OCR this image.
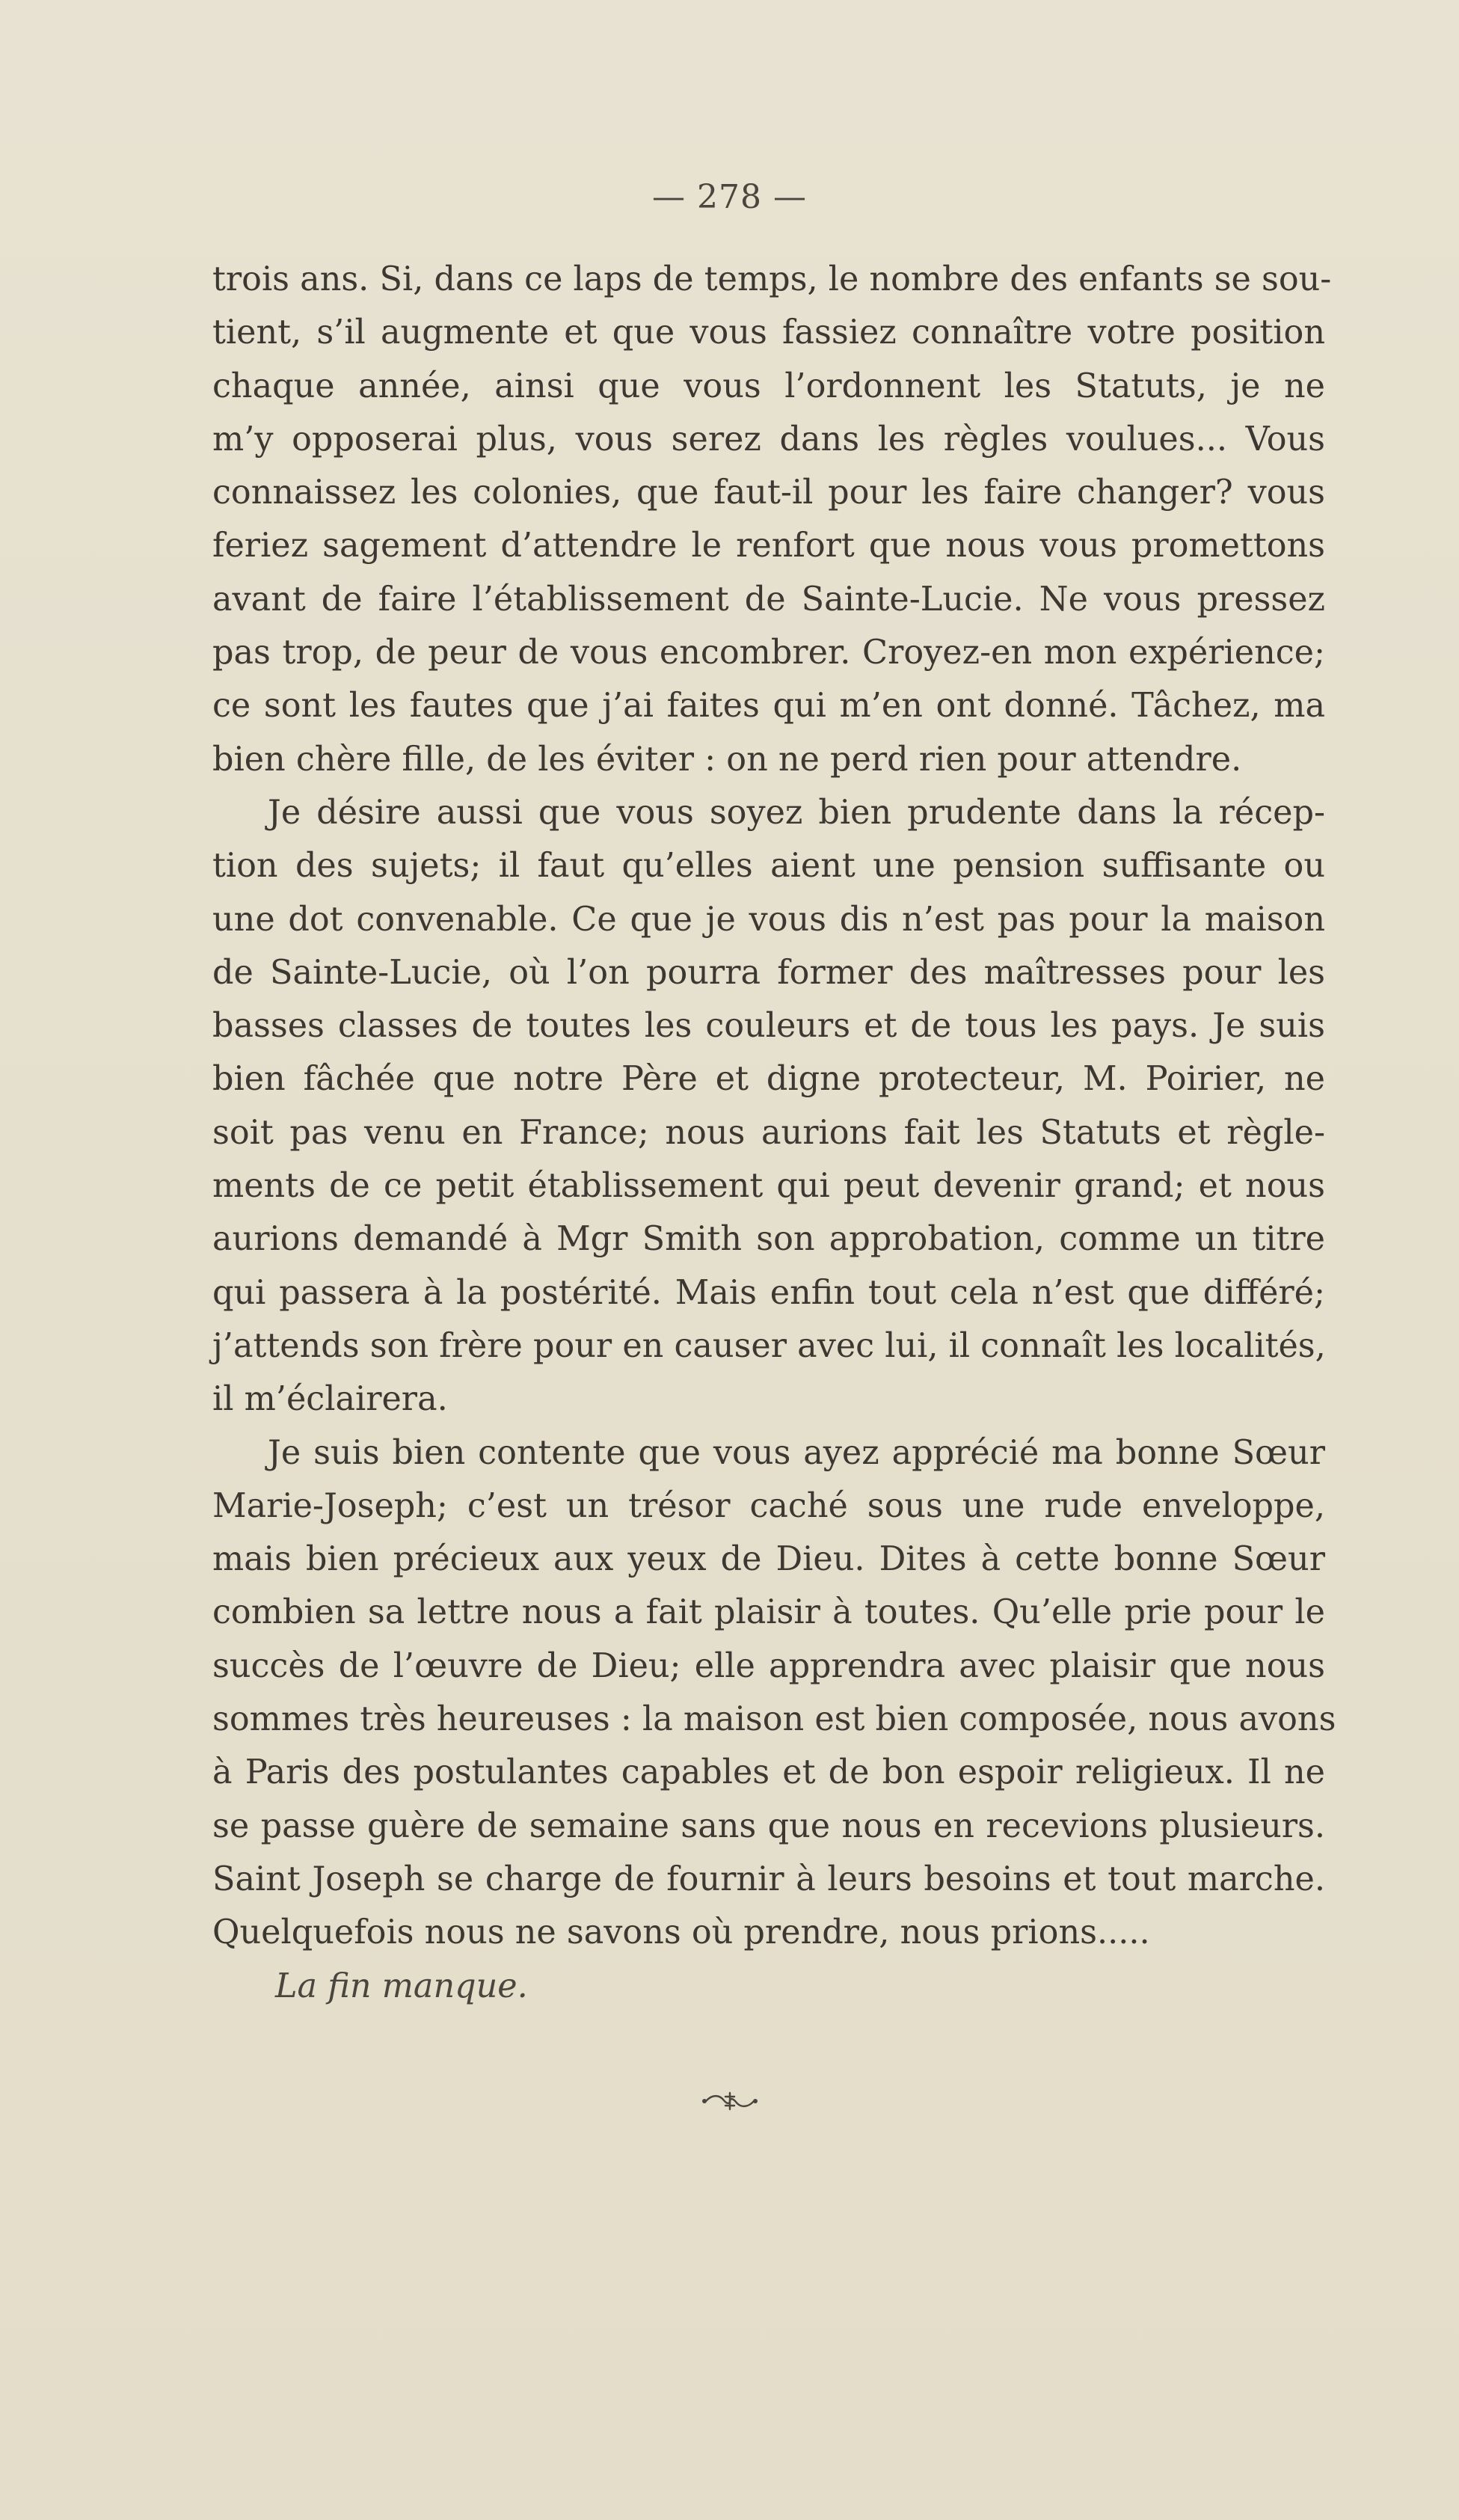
— 278 —
trois ans. Si, dans ce laps de temps, le nombre des enfants se sou-
tient, s’il augmente et que vous fassiez connaître votre position
chaque année, ainsi que vous l’ordonnent les Statuts, je ne
m’y opposerai plus, vous serez dans les règles voulues... Vous
connaissez les colonies, que faut-il pour les faire changer? vous
feriez sagement d’attendre le renfort que nous vous promettons
avant de faire l’établissement de Sainte-Lucie. Ne vous pressez
pas trop, de peur de vous encombrer. Croyez-en mon expérience;
ce sont les fautes que j’ai faites qui m’en ont donné. Tâchez, ma
bien chère fille, de les éviter : on ne perd rien pour attendre.
Je désire aussi que vous soyez bien prudente dans la récep-
tion des sujets; il faut qu’elles aient une pension suffisante ou
une dot convenable. Ce que je vous dis n’est pas pour la maison
de Sainte-Lucie, où l’on pourra former des maîtresses pour les
basses classes de toutes les couleurs et de tous les pays. Je suis
bien fâchée que notre Père et digne protecteur, M. Poirier, ne
soit pas venu en France; nous aurions fait les Statuts et règle-
ments de ce petit établissement qui peut devenir grand; et nous
aurions demandé à Mgr Smith son approbation, comme un titre
qui passera à la postérité. Mais enfin tout cela n’est que différé;
j’attends son frère pour en causer avec lui, il connaît les localités,
il m’éclairera.
Je suis bien contente que vous ayez apprécié ma bonne Sœur
Marie-Joseph; c’est un trésor caché sous une rude enveloppe,
mais bien précieux aux yeux de Dieu. Dites à cette bonne Sœur
combien sa lettre nous a fait plaisir à toutes. Qu’elle prie pour le
succès de l’œuvre de Dieu; elle apprendra avec plaisir que nous
sommes très heureuses : la maison est bien composée, nous avons
à Paris des postulantes capables et de bon espoir religieux. Il ne
se passe guère de semaine sans que nous en recevions plusieurs.
Saint Joseph se charge de fournir à leurs besoins et tout marche.
Quelquefois nous ne savons où prendre, nous prions.....
La fin manque.
